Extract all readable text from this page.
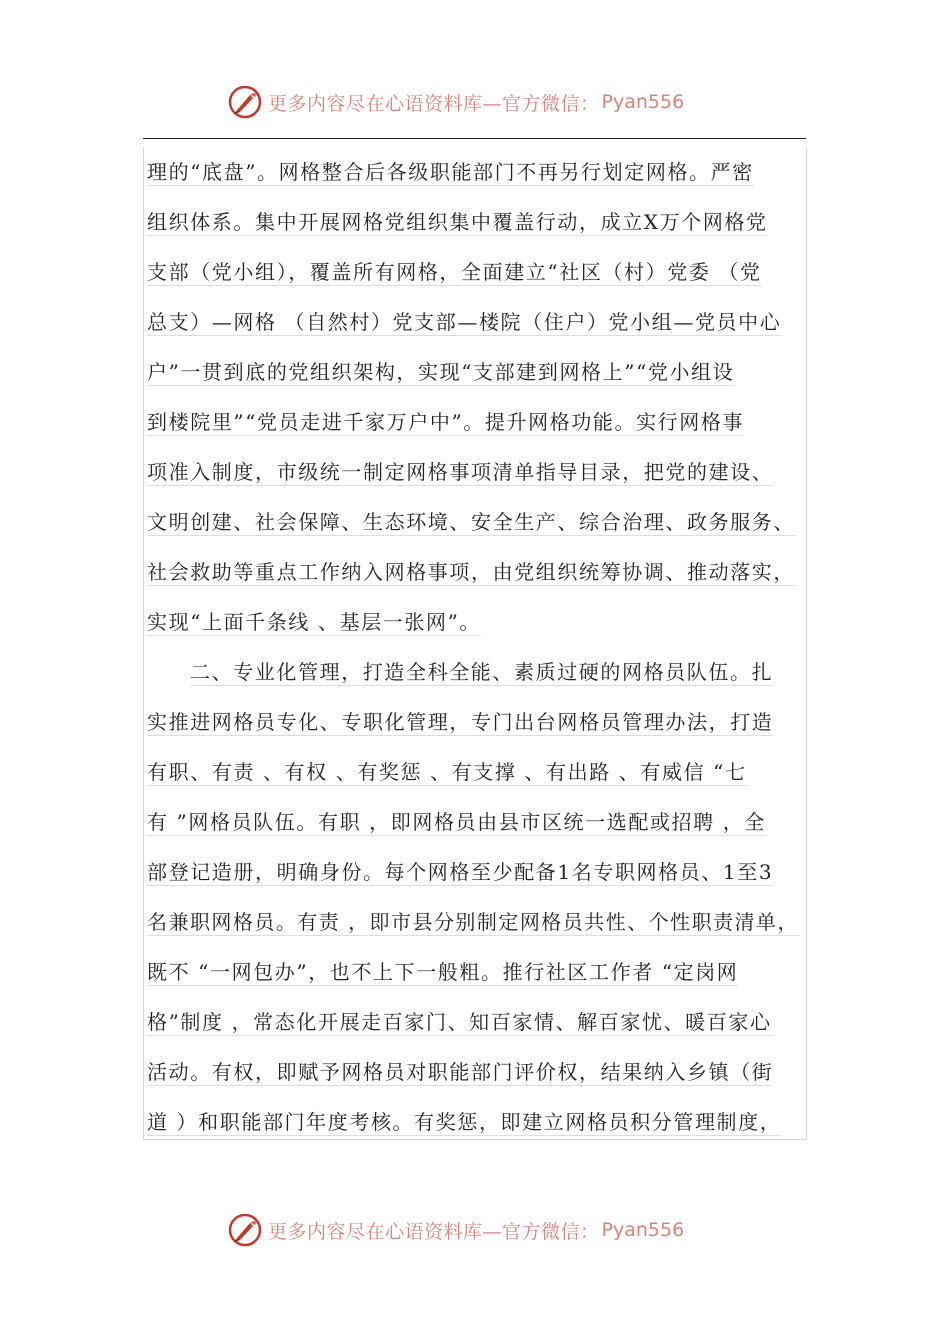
更多内容尽在心语资料库—官方微信： Pyan556
理的“底盘”。网格整合后各级职能部门不再另行划定网格。严密
组织体系。集中开展网格党组织集中覆盖行动，成立X万个网格党
支部（党小组），覆盖所有网格，全面建立“社区（村）党委 （党
总支）—网格 （自然村）党支部—楼院（住户）党小组—党员中心
户”一贯到底的党组织架构，实现“支部建到网格上”“党小组设
到楼院里”“党员走进千家万户中”。提升网格功能。实行网格事
项准入制度，市级统一制定网格事项清单指导目录，把党的建设、
文明创建、社会保障、生态环境、安全生产、综合治理、政务服务、
社会救助等重点工作纳入网格事项，由党组织统筹协调、推动落实，
实现“上面千条线 、基层一张网”。
二、专业化管理，打造全科全能、素质过硬的网格员队伍。扎
实推进网格员专化、专职化管理，专门出台网格员管理办法，打造
有职、有责 、有权 、有奖惩 、有支撑 、有出路 、有威信 “七
有 ”网格员队伍。有职 ，即网格员由县市区统一选配或招聘 ，全
部登记造册，明确身份。每个网格至少配备1名专职网格员、1至3
名兼职网格员。有责 ，即市县分别制定网格员共性、个性职责清单，
既不 “一网包办”，也不上下一般粗。推行社区工作者 “定岗网
格”制度 ，常态化开展走百家门、知百家情、解百家忧、暖百家心
活动。有权，即赋予网格员对职能部门评价权，结果纳入乡镇（街
道 ）和职能部门年度考核。有奖惩，即建立网格员积分管理制度，
更多内容尽在心语资料库—官方微信： Pyan556
